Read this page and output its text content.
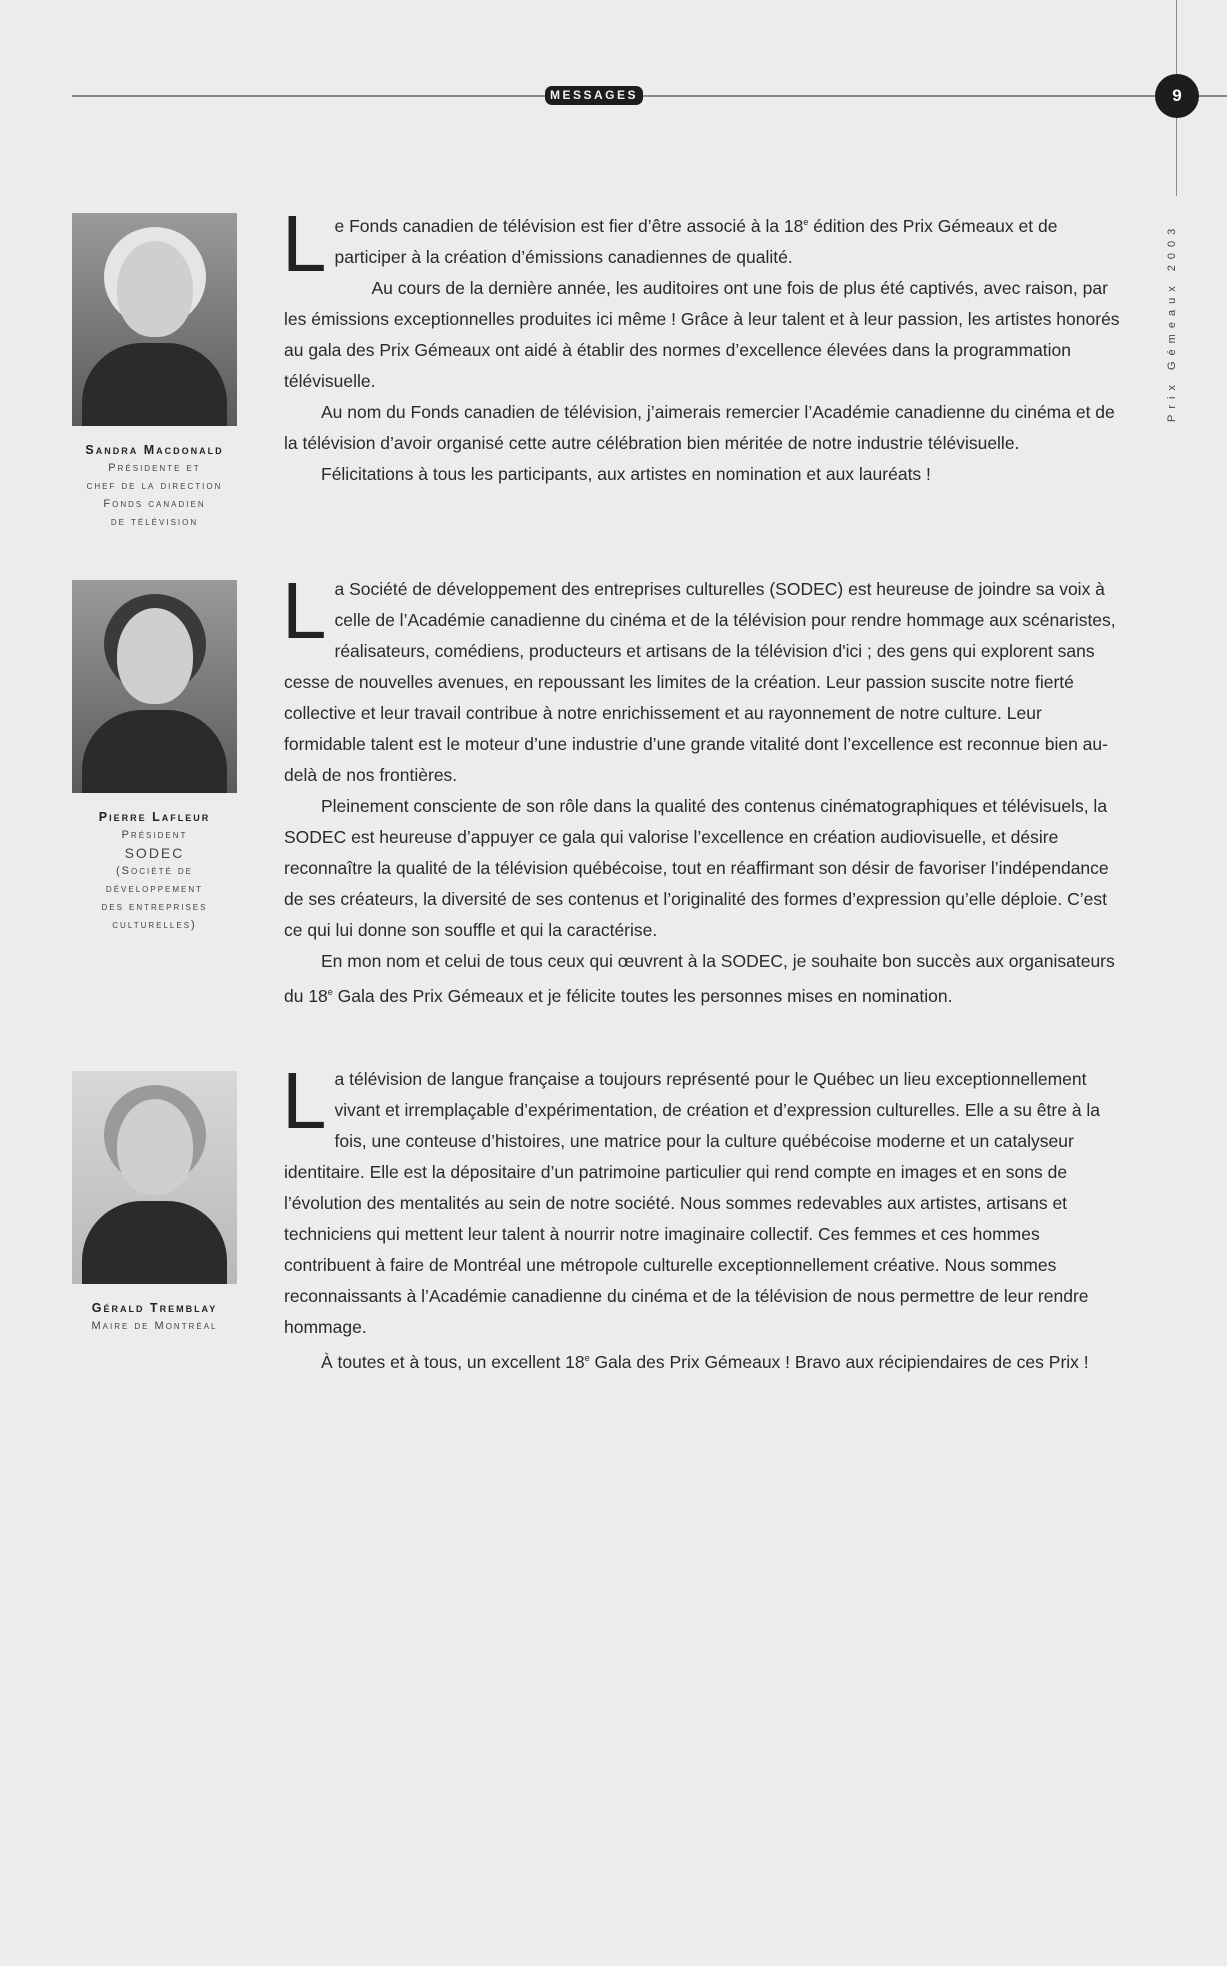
MESSAGES	9
Prix Gémeaux 2003
Sandra Macdonald
Présidente et
chef de la direction
Fonds canadien
de télévision

Le Fonds canadien de télévision est fier d’être associé à la 18e édition des Prix Gémeaux et de participer à la création d’émissions canadiennes de qualité.

Au cours de la dernière année, les auditoires ont une fois de plus été captivés, avec raison, par les émissions exceptionnelles produites ici même ! Grâce à leur talent et à leur passion, les artistes honorés au gala des Prix Gémeaux ont aidé à établir des normes d’excellence élevées dans la programmation télévisuelle.

Au nom du Fonds canadien de télévision, j’aimerais remercier l’Académie canadienne du cinéma et de la télévision d’avoir organisé cette autre célébration bien méritée de notre industrie télévisuelle.

Félicitations à tous les participants, aux artistes en nomination et aux lauréats !

Pierre Lafleur
Président
SODEC
(Société de
développement
des entreprises
culturelles)

La Société de développement des entreprises culturelles (SODEC) est heureuse de joindre sa voix à celle de l’Académie canadienne du cinéma et de la télévision pour rendre hommage aux scénaristes, réalisateurs, comédiens, producteurs et artisans de la télévision d'ici ; des gens qui explorent sans cesse de nouvelles avenues, en repoussant les limites de la création. Leur passion suscite notre fierté collective et leur travail contribue à notre enrichissement et au rayonnement de notre culture. Leur formidable talent est le moteur d’une industrie d’une grande vitalité dont l’excellence est reconnue bien au-delà de nos frontières.

Pleinement consciente de son rôle dans la qualité des contenus cinématographiques et télévisuels, la SODEC est heureuse d’appuyer ce gala qui valorise l’excellence en création audiovisuelle, et désire reconnaître la qualité de la télévision québécoise, tout en réaffirmant son désir de favoriser l’indépendance de ses créateurs, la diversité de ses contenus et l’originalité des formes d’expression qu’elle déploie. C’est ce qui lui donne son souffle et qui la caractérise.

En mon nom et celui de tous ceux qui œuvrent à la SODEC, je souhaite bon succès aux organisateurs du 18e Gala des Prix Gémeaux et je félicite toutes les personnes mises en nomination.

Gérald Tremblay
Maire de Montréal

La télévision de langue française a toujours représenté pour le Québec un lieu exceptionnellement vivant et irremplaçable d’expérimentation, de création et d’expression culturelles. Elle a su être à la fois, une conteuse d’histoires, une matrice pour la culture québécoise moderne et un catalyseur identitaire. Elle est la dépositaire d’un patrimoine particulier qui rend compte en images et en sons de l’évolution des mentalités au sein de notre société. Nous sommes redevables aux artistes, artisans et techniciens qui mettent leur talent à nourrir notre imaginaire collectif. Ces femmes et ces hommes contribuent à faire de Montréal une métropole culturelle exceptionnellement créative. Nous sommes reconnaissants à l’Académie canadienne du cinéma et de la télévision de nous permettre de leur rendre hommage.

À toutes et à tous, un excellent 18e Gala des Prix Gémeaux ! Bravo aux récipiendaires de ces Prix !
